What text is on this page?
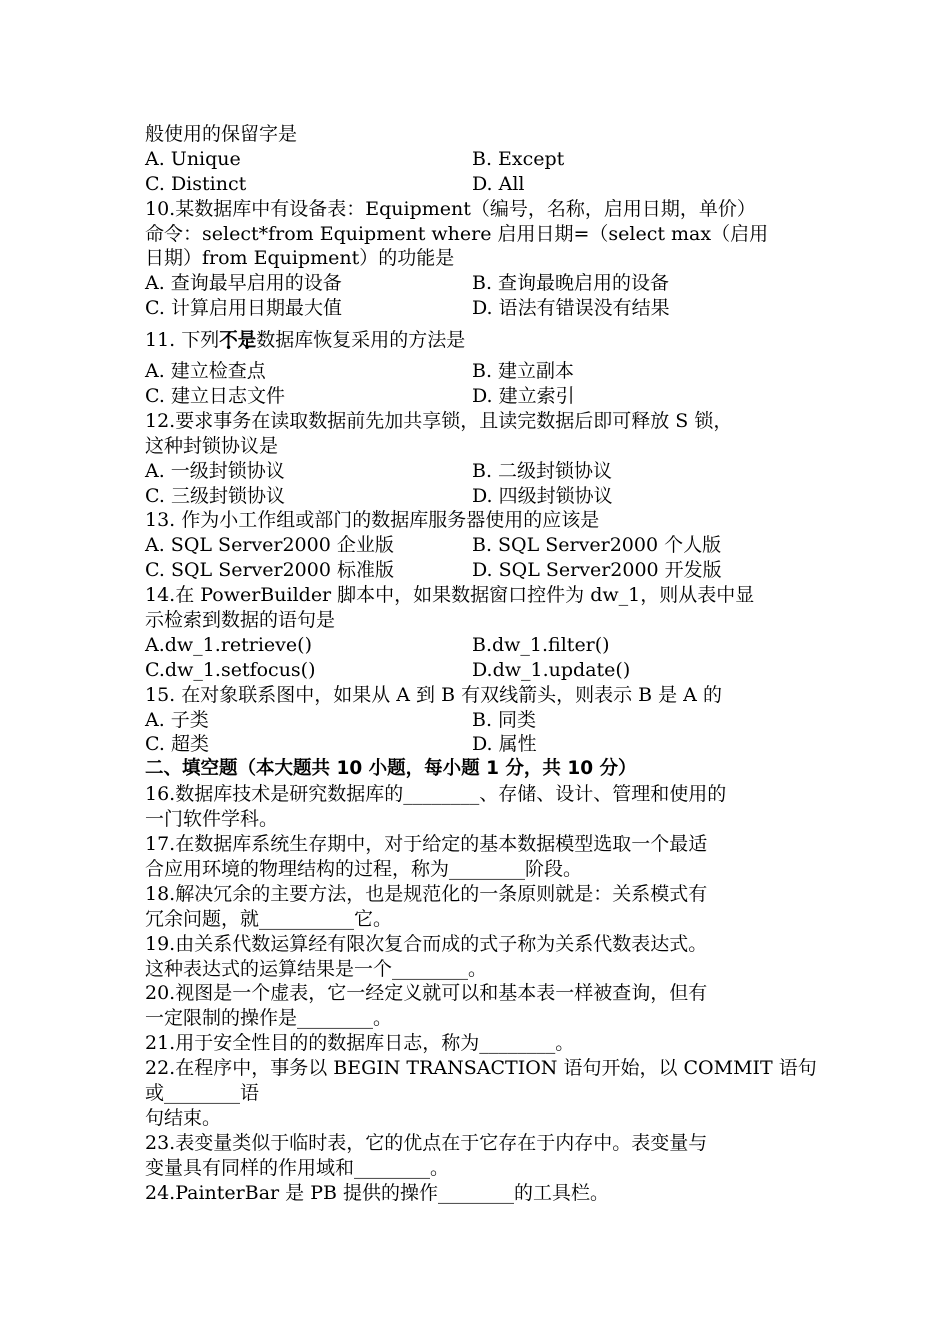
般使用的保留字是
A. Unique	B. Except
C. Distinct	D. All
10.某数据库中有设备表：Equipment（编号，名称，启用日期，单价）
命令：select*from Equipment where 启用日期=（select max（启用
日期）from Equipment）的功能是
A. 查询最早启用的设备	B. 查询最晚启用的设备
C. 计算启用日期最大值	D. 语法有错误没有结果
11. 下列不是数据库恢复采用的方法是
A. 建立检查点	B. 建立副本
C. 建立日志文件	D. 建立索引
12.要求事务在读取数据前先加共享锁，且读完数据后即可释放 S 锁，
这种封锁协议是
A. 一级封锁协议	B. 二级封锁协议
C. 三级封锁协议	D. 四级封锁协议
13. 作为小工作组或部门的数据库服务器使用的应该是
A. SQL Server2000 企业版	B. SQL Server2000 个人版
C. SQL Server2000 标准版	D. SQL Server2000 开发版
14.在 PowerBuilder 脚本中，如果数据窗口控件为 dw_1，则从表中显
示检索到数据的语句是
A.dw_1.retrieve()	B.dw_1.filter()
C.dw_1.setfocus()	D.dw_1.update()
15. 在对象联系图中，如果从 A 到 B 有双线箭头，则表示 B 是 A 的
A. 子类	B. 同类
C. 超类	D. 属性
二、填空题（本大题共 10 小题，每小题 1 分，共 10 分）
16.数据库技术是研究数据库的________、存储、设计、管理和使用的
一门软件学科。
17.在数据库系统生存期中，对于给定的基本数据模型选取一个最适
合应用环境的物理结构的过程，称为________阶段。
18.解决冗余的主要方法，也是规范化的一条原则就是：关系模式有
冗余问题，就__________它。
19.由关系代数运算经有限次复合而成的式子称为关系代数表达式。
这种表达式的运算结果是一个________。
20.视图是一个虚表，它一经定义就可以和基本表一样被查询，但有
一定限制的操作是________。
21.用于安全性目的的数据库日志，称为________。
22.在程序中，事务以 BEGIN TRANSACTION 语句开始，以 COMMIT 语句
或________语
句结束。
23.表变量类似于临时表，它的优点在于它存在于内存中。表变量与
变量具有同样的作用域和________。
24.PainterBar 是 PB 提供的操作________的工具栏。
